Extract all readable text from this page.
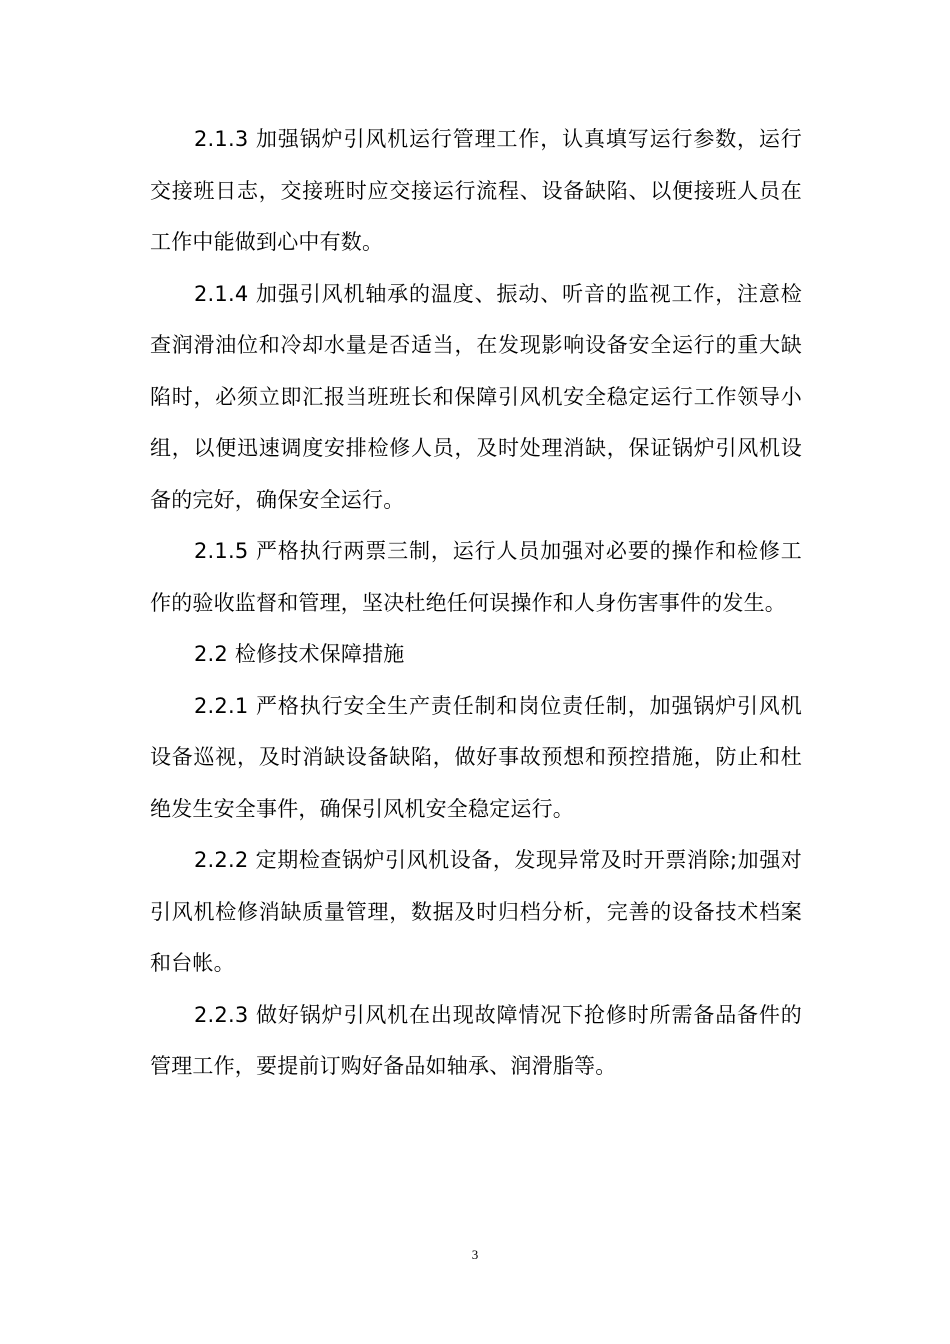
2.1.3 加强锅炉引风机运行管理工作，认真填写运行参数，运行交接班日志，交接班时应交接运行流程、设备缺陷、以便接班人员在工作中能做到心中有数。

2.1.4 加强引风机轴承的温度、振动、听音的监视工作，注意检查润滑油位和冷却水量是否适当，在发现影响设备安全运行的重大缺陷时，必须立即汇报当班班长和保障引风机安全稳定运行工作领导小组，以便迅速调度安排检修人员，及时处理消缺，保证锅炉引风机设备的完好，确保安全运行。

2.1.5 严格执行两票三制，运行人员加强对必要的操作和检修工作的验收监督和管理，坚决杜绝任何误操作和人身伤害事件的发生。

2.2 检修技术保障措施

2.2.1 严格执行安全生产责任制和岗位责任制，加强锅炉引风机设备巡视，及时消缺设备缺陷，做好事故预想和预控措施，防止和杜绝发生安全事件，确保引风机安全稳定运行。

2.2.2 定期检查锅炉引风机设备，发现异常及时开票消除;加强对引风机检修消缺质量管理，数据及时归档分析，完善的设备技术档案和台帐。

2.2.3 做好锅炉引风机在出现故障情况下抢修时所需备品备件的管理工作，要提前订购好备品如轴承、润滑脂等。

3
